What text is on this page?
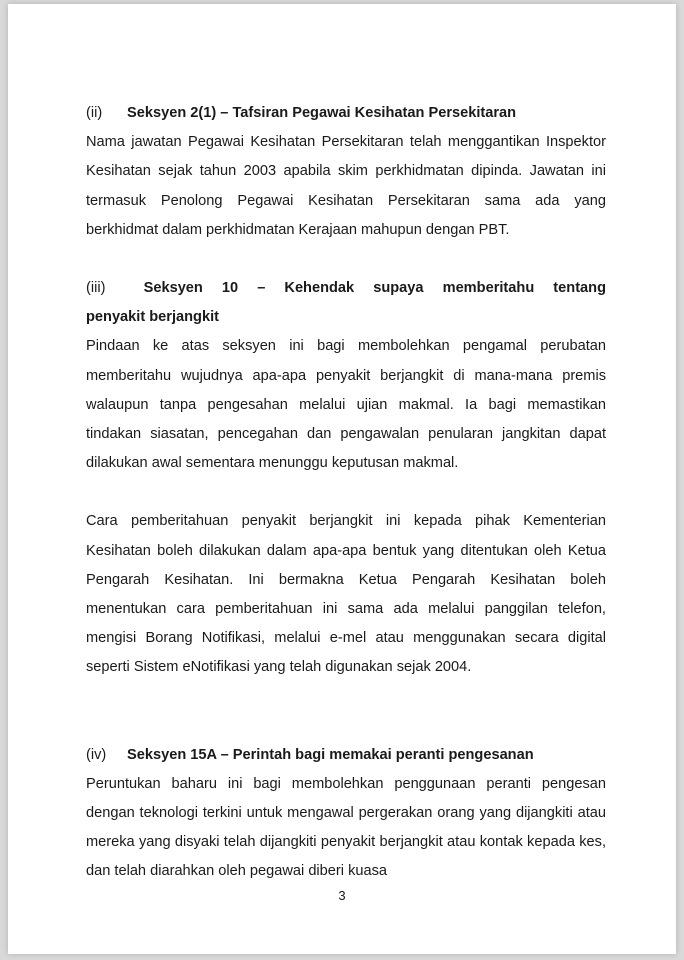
(ii)	Seksyen 2(1) – Tafsiran Pegawai Kesihatan Persekitaran
Nama jawatan Pegawai Kesihatan Persekitaran telah menggantikan Inspektor Kesihatan sejak tahun 2003 apabila skim perkhidmatan dipinda. Jawatan ini termasuk Penolong Pegawai Kesihatan Persekitaran sama ada yang berkhidmat dalam perkhidmatan Kerajaan mahupun dengan PBT.
(iii)	Seksyen 10 – Kehendak supaya memberitahu tentang
penyakit berjangkit
Pindaan ke atas seksyen ini bagi membolehkan pengamal perubatan memberitahu wujudnya apa-apa penyakit berjangkit di mana-mana premis walaupun tanpa pengesahan melalui ujian makmal. Ia bagi memastikan tindakan siasatan, pencegahan dan pengawalan penularan jangkitan dapat dilakukan awal sementara menunggu keputusan makmal.
Cara pemberitahuan penyakit berjangkit ini kepada pihak Kementerian Kesihatan boleh dilakukan dalam apa-apa bentuk yang ditentukan oleh Ketua Pengarah Kesihatan. Ini bermakna Ketua Pengarah Kesihatan boleh menentukan cara pemberitahuan ini sama ada melalui panggilan telefon, mengisi Borang Notifikasi, melalui e-mel atau menggunakan secara digital seperti Sistem eNotifikasi yang telah digunakan sejak 2004.
(iv)	Seksyen 15A – Perintah bagi memakai peranti pengesanan
Peruntukan baharu ini bagi membolehkan penggunaan peranti pengesan dengan teknologi terkini untuk mengawal pergerakan orang yang dijangkiti atau mereka yang disyaki telah dijangkiti penyakit berjangkit atau kontak kepada kes, dan telah diarahkan oleh pegawai diberi kuasa
3
